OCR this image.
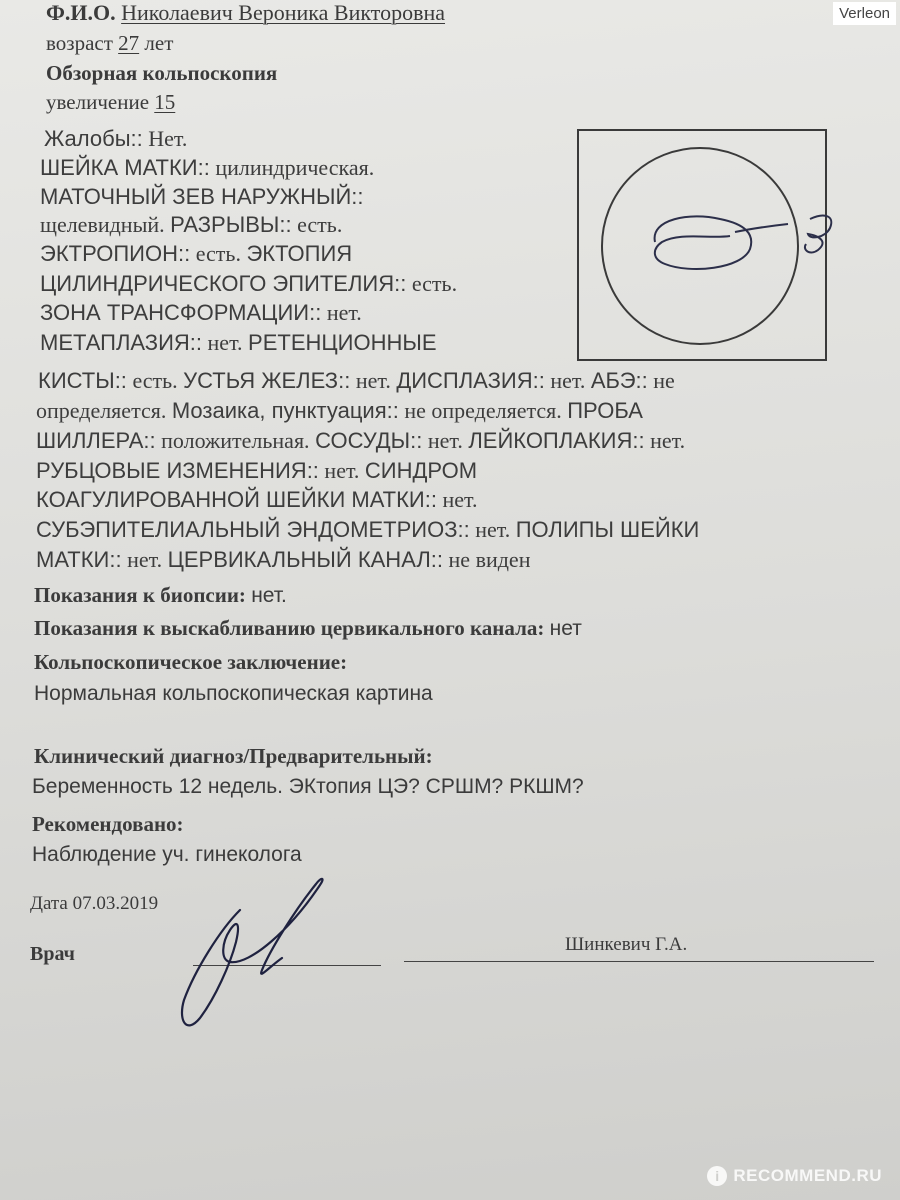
Verleon
Ф.И.О. Николаевич Вероника Викторовна
возраст 27 лет
Обзорная кольпоскопия
увеличение 15
Жалобы:: Нет.
ШЕЙКА МАТКИ:: цилиндрическая.
МАТОЧНЫЙ ЗЕВ НАРУЖНЫЙ::
щелевидный. РАЗРЫВЫ:: есть.
ЭКТРОПИОН:: есть. ЭКТОПИЯ
ЦИЛИНДРИЧЕСКОГО ЭПИТЕЛИЯ:: есть.
ЗОНА ТРАНСФОРМАЦИИ:: нет.
МЕТАПЛАЗИЯ:: нет. РЕТЕНЦИОННЫЕ
КИСТЫ:: есть. УСТЬЯ ЖЕЛЕЗ:: нет. ДИСПЛАЗИЯ:: нет. АБЭ:: не
определяется. Мозаика, пунктуация:: не определяется. ПРОБА
ШИЛЛЕРА:: положительная. СОСУДЫ:: нет. ЛЕЙКОПЛАКИЯ:: нет.
РУБЦОВЫЕ ИЗМЕНЕНИЯ:: нет. СИНДРОМ
КОАГУЛИРОВАННОЙ ШЕЙКИ МАТКИ:: нет.
СУБЭПИТЕЛИАЛЬНЫЙ ЭНДОМЕТРИОЗ:: нет. ПОЛИПЫ ШЕЙКИ
МАТКИ:: нет. ЦЕРВИКАЛЬНЫЙ КАНАЛ:: не виден
Показания к биопсии: нет.
Показания к выскабливанию цервикального канала: нет
Кольпоскопическое заключение:
Нормальная кольпоскопическая картина
Клинический диагноз/Предварительный:
Беременность 12 недель. ЭКтопия ЦЭ? СРШМ? РКШМ?
Рекомендовано:
Наблюдение уч. гинеколога
Дата 07.03.2019
Врач	Шинкевич Г.А.
i RECOMMEND.RU
